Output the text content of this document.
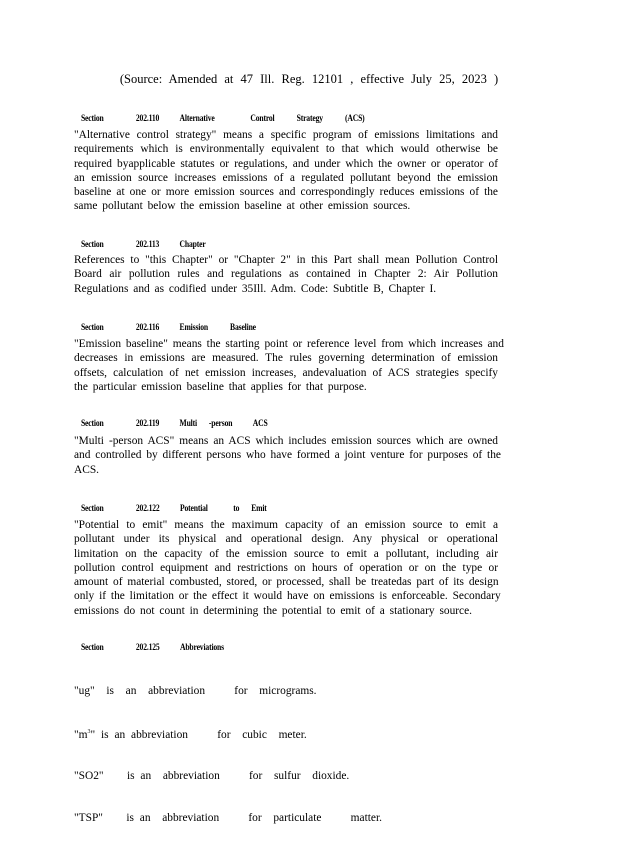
(Source: Amended at 47 Ill. Reg. 12101 , effective July 25, 2023 )

Section	202.110 Alternative	Control Strategy (ACS)

"Alternative control strategy" means a specific program of emissions limitations and
requirements which is environmentally equivalent to that which would otherwise be
required byapplicable statutes or regulations, and under which the owner or operator of
an emission source increases emissions of a regulated pollutant beyond the emission
baseline at one or more emission sources and correspondingly reduces emissions of the
same pollutant below the emission baseline at other emission sources.

Section	202.113 Chapter

References to "this Chapter" or "Chapter 2" in this Part shall mean Pollution Control
Board air pollution rules and regulations as contained in Chapter 2: Air Pollution
Regulations and as codified under 35Ill. Adm. Code: Subtitle B, Chapter I.

Section	202.116 Emission Baseline

"Emission baseline" means the starting point or reference level from which increases and
decreases in emissions are measured. The rules governing determination of emission
offsets, calculation of net emission increases, andevaluation of ACS strategies specify
the particular emission baseline that applies for that purpose.

Section	202.119 Multi -person ACS

"Multi -person ACS" means an ACS which includes emission sources which are owned
and controlled by different persons who have formed a joint venture for purposes of the
ACS.

Section	202.122 Potential	to Emit

"Potential to emit" means the maximum capacity of an emission source to emit a
pollutant under its physical and operational design. Any physical or operational
limitation on the capacity of the emission source to emit a pollutant, including air
pollution control equipment and restrictions on hours of operation or on the type or
amount of material combusted, stored, or processed, shall be treatedas part of its design
only if the limitation or the effect it would have on emissions is enforceable. Secondary
emissions do not count in determining the potential to emit of a stationary source.

Section	202.125 Abbreviations

"ug"  is  an  abbreviation     for  micrograms.

"$m^3$" is an abbreviation     for  cubic  meter.

"SO2"    is an  abbreviation     for  sulfur  dioxide.

"TSP"    is an  abbreviation     for  particulate     matter.
